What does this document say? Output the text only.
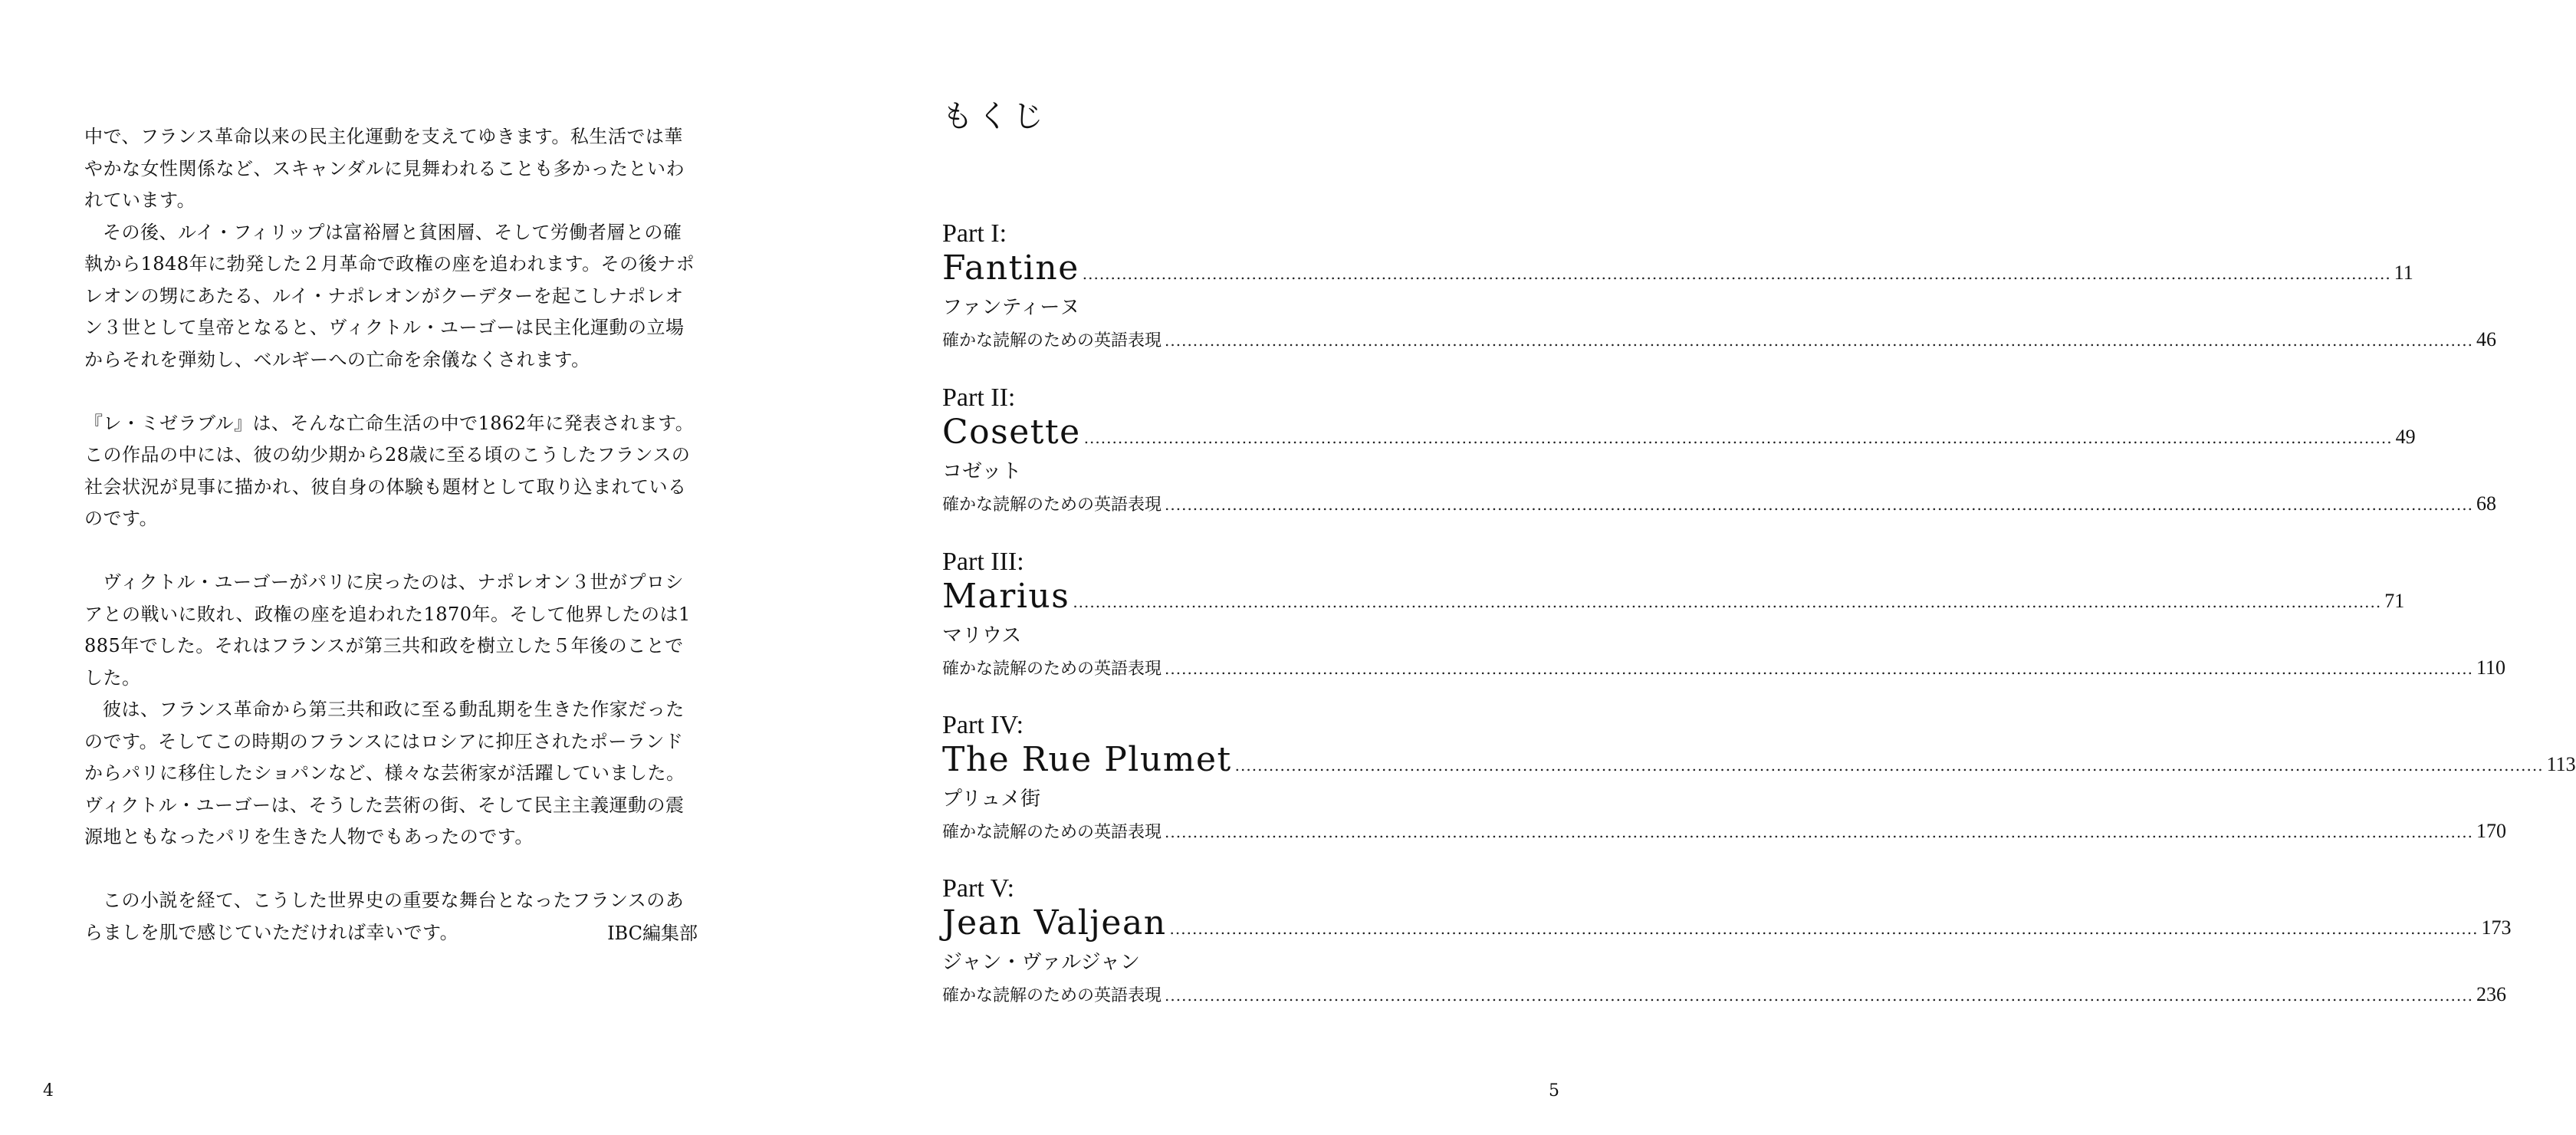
中で、フランス革命以来の民主化運動を支えてゆきます。私生活では華やかな女性関係など、スキャンダルに見舞われることも多かったといわれています。

その後、ルイ・フィリップは富裕層と貧困層、そして労働者層との確執から1848年に勃発した２月革命で政権の座を追われます。その後ナポレオンの甥にあたる、ルイ・ナポレオンがクーデターを起こしナポレオン３世として皇帝となると、ヴィクトル・ユーゴーは民主化運動の立場からそれを弾劾し、ベルギーへの亡命を余儀なくされます。

『レ・ミゼラブル』は、そんな亡命生活の中で1862年に発表されます。この作品の中には、彼の幼少期から28歳に至る頃のこうしたフランスの社会状況が見事に描かれ、彼自身の体験も題材として取り込まれているのです。

ヴィクトル・ユーゴーがパリに戻ったのは、ナポレオン３世がプロシアとの戦いに敗れ、政権の座を追われた1870年。そして他界したのは1885年でした。それはフランスが第三共和政を樹立した５年後のことでした。

彼は、フランス革命から第三共和政に至る動乱期を生きた作家だったのです。そしてこの時期のフランスにはロシアに抑圧されたポーランドからパリに移住したショパンなど、様々な芸術家が活躍していました。ヴィクトル・ユーゴーは、そうした芸術の街、そして民主主義運動の震源地ともなったパリを生きた人物でもあったのです。

この小説を経て、こうした世界史の重要な舞台となったフランスのあらましを肌で感じていただければ幸いです。	IBC編集部
4
もくじ
Part I:
Fantine ........................................................................................................................................................................................................................................ 11
ファンティーヌ
確かな読解のための英語表現 ........................................................................................................................................................................................................................................ 46
Part II:
Cosette ........................................................................................................................................................................................................................................ 49
コゼット
確かな読解のための英語表現 ........................................................................................................................................................................................................................................ 68
Part III:
Marius ........................................................................................................................................................................................................................................ 71
マリウス
確かな読解のための英語表現 ........................................................................................................................................................................................................................................ 110
Part IV:
The Rue Plumet ........................................................................................................................................................................................................................................ 113
プリュメ街
確かな読解のための英語表現 ........................................................................................................................................................................................................................................ 170
Part V:
Jean Valjean ........................................................................................................................................................................................................................................ 173
ジャン・ヴァルジャン
確かな読解のための英語表現 ........................................................................................................................................................................................................................................ 236
5
